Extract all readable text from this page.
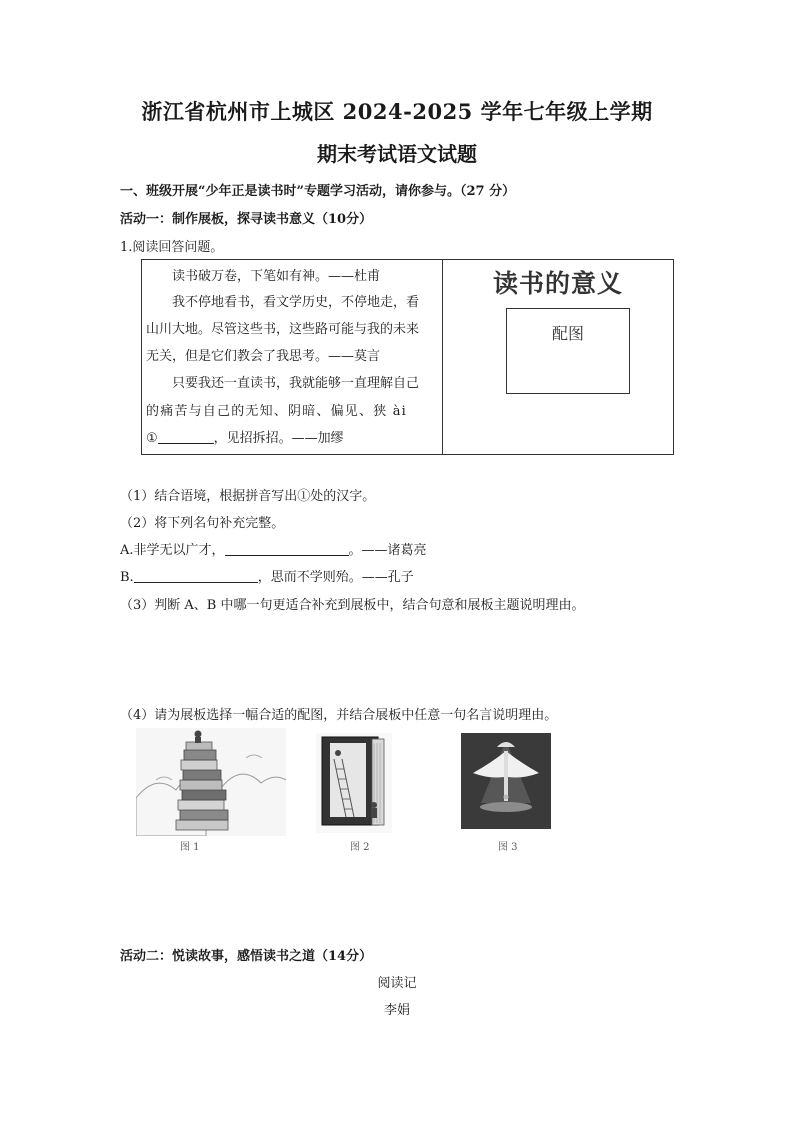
浙江省杭州市上城区 2024-2025 学年七年级上学期
期末考试语文试题
一、班级开展“少年正是读书时”专题学习活动，请你参与。（27 分）
活动一：制作展板，探寻读书意义（10分）
1.阅读回答问题。
读书破万卷，下笔如有神。——杜甫
我不停地看书，看文学历史，不停地走，看
山川大地。尽管这些书，这些路可能与我的未来
无关，但是它们教会了我思考。——莫言
只要我还一直读书，我就能够一直理解自己
的痛苦与自己的无知、阴暗、偏见、狭 ài
①	，见招拆招。——加缪
读书的意义
配图
（1）结合语境，根据拼音写出①处的汉字。
（2）将下列名句补充完整。
A.非学无以广才，	。——诸葛亮
B.	，思而不学则殆。——孔子
（3）判断 A、B 中哪一句更适合补充到展板中，结合句意和展板主题说明理由。
（4）请为展板选择一幅合适的配图，并结合展板中任意一句名言说明理由。
图 1	图 2	图 3
活动二：悦读故事，感悟读书之道（14分）
阅读记
李娟
